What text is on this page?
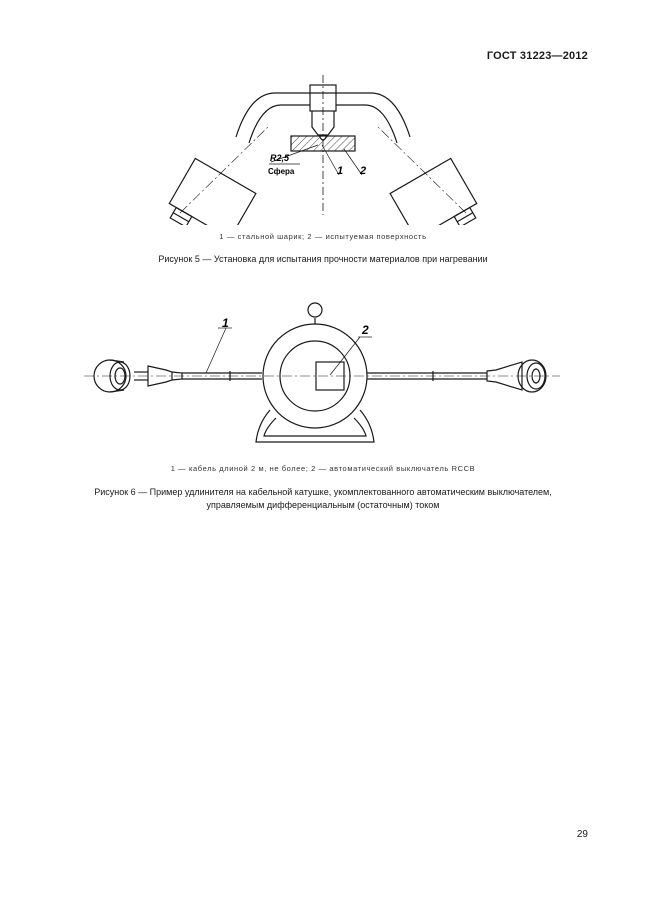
ГОСТ 31223—2012
R2,5
Сфера	1 2
1 — стальной шарик; 2 — испытуемая поверхность
Рисунок 5 — Установка для испытания прочности материалов при нагревании
1	2
1 — кабель длиной 2 м, не более; 2 — автоматический выключатель RCCB
Рисунок 6 — Пример удлинителя на кабельной катушке, укомплектованного автоматическим выключателем,
управляемым дифференциальным (остаточным) током
29
